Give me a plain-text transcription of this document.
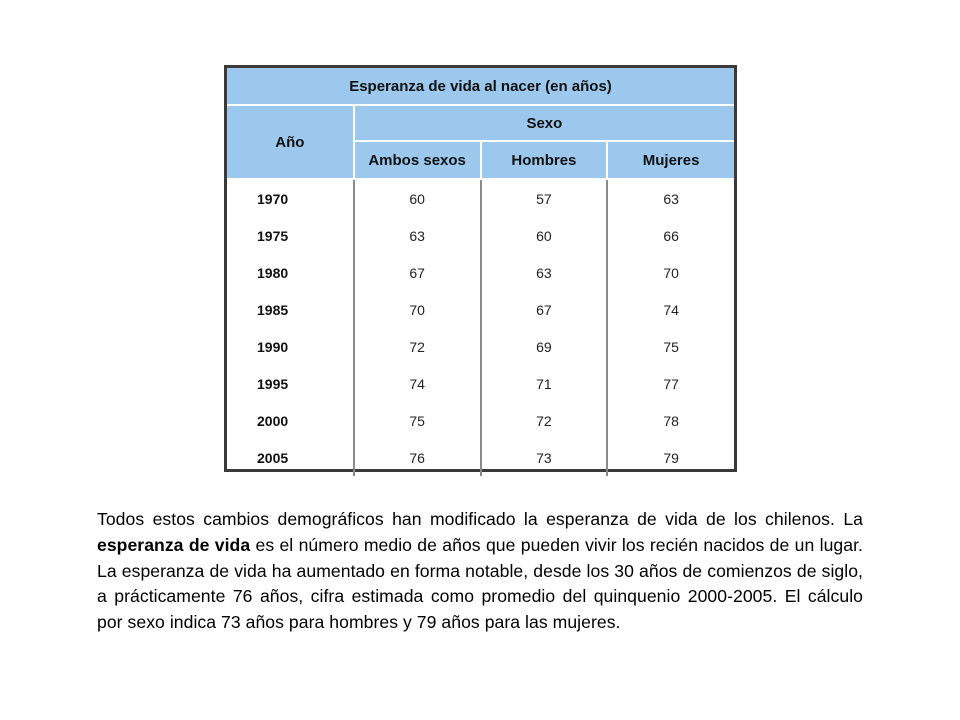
Esperanza de vida al nacer (en años)			
Año	Sexo		
	Ambos sexos	Hombres	Mujeres
1970	60	57	63
1975	63	60	66
1980	67	63	70
1985	70	67	74
1990	72	69	75
1995	74	71	77
2000	75	72	78
2005	76	73	79

Todos estos cambios demográficos han modificado la esperanza de vida de los chilenos. La esperanza de vida es el número medio de años que pueden vivir los recién nacidos de un lugar. La esperanza de vida ha aumentado en forma notable, desde los 30 años de comienzos de siglo, a prácticamente 76 años, cifra estimada como promedio del quinquenio 2000-2005. El cálculo por sexo indica 73 años para hombres y 79 años para las mujeres.
